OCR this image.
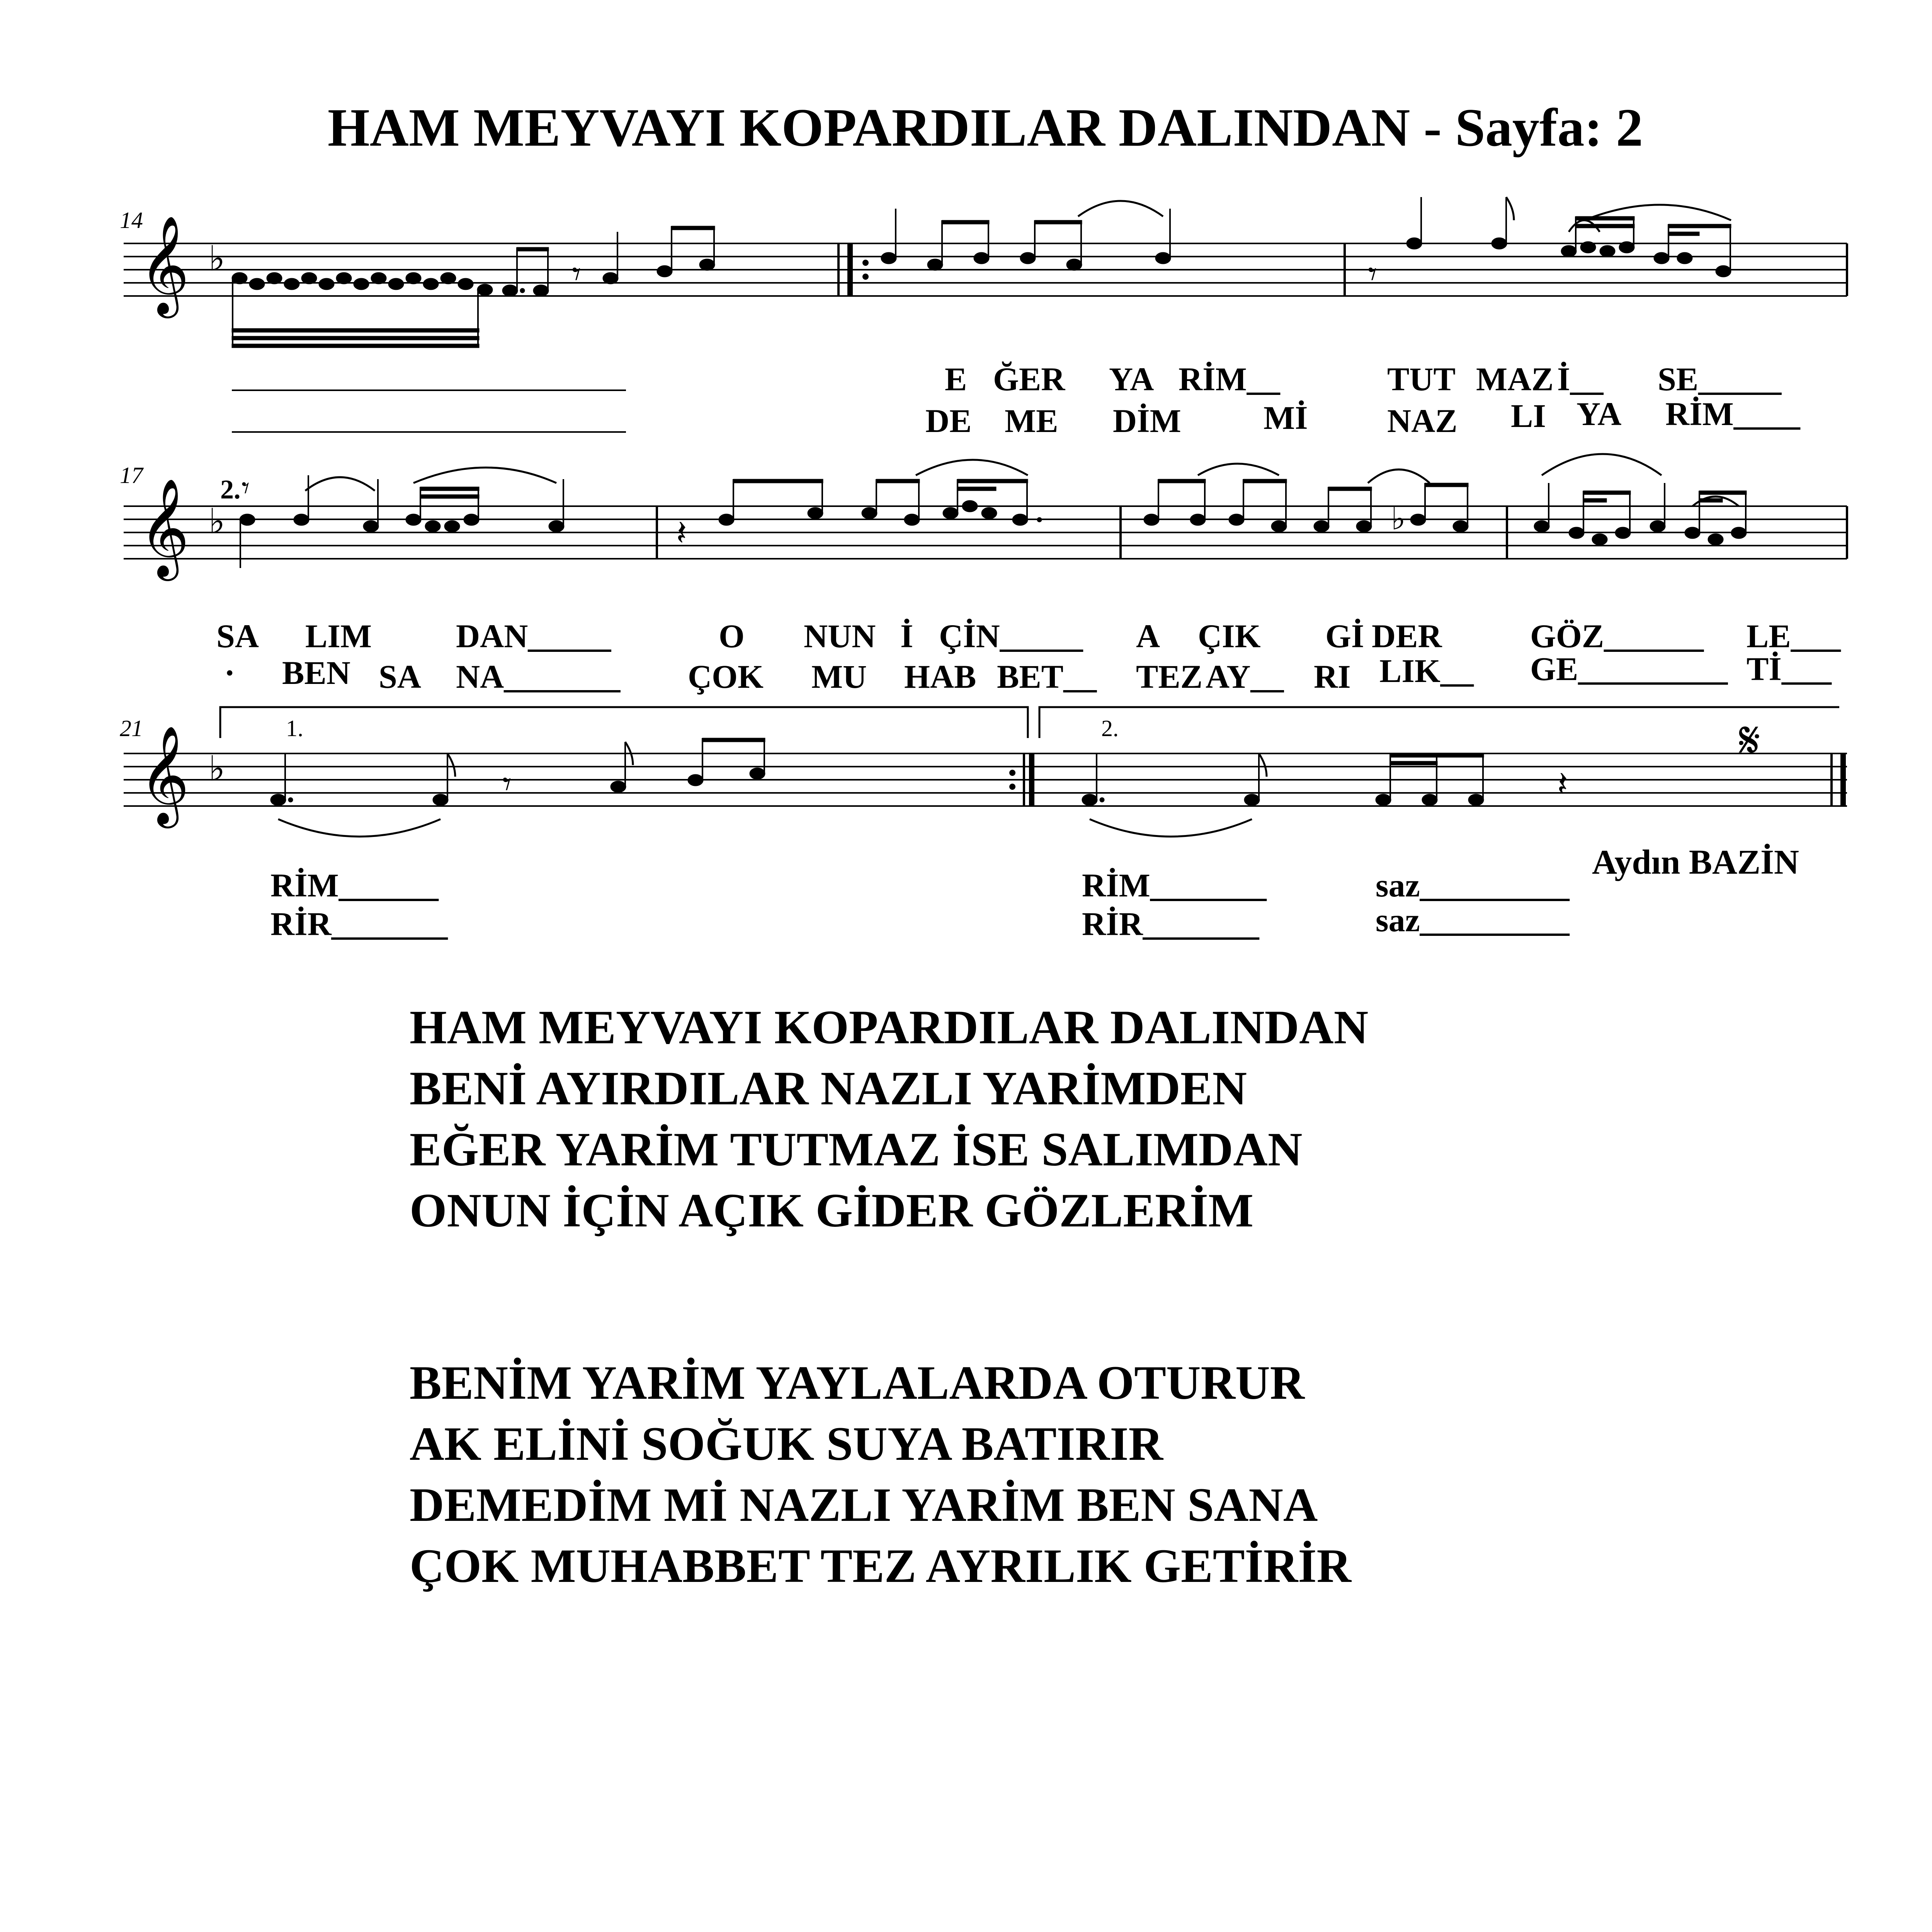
HAM MEYVAYI KOPARDILAR DALINDAN - Sayfa: 2
14
𝄞 ♭	𝄾	𝄾
E ĞER YA RİM__	TUT MAZ İ__ SE_____
DE ME DİM Mİ NAZ LI YA RİM____
17
𝄞 ♭
2. 𝄾
𝄽	♭
SA LIM	DAN_____	O NUN İ ÇİN_____ A ÇIK Gİ DER	GÖZ______ LE___
· BEN SA NA_______ ÇOK MU HAB BET__ TEZ AY__ RI LIK__ GE_________ Tİ___
21
𝄞 ♭
1.	2.	𝄋
𝄾	𝄽
RİM______	RİM_______	saz_________
RİR_______	RİR_______	saz_________
Aydın BAZİN
HAM MEYVAYI KOPARDILAR DALINDAN
BENİ AYIRDILAR NAZLI YARİMDEN
EĞER YARİM TUTMAZ İSE SALIMDAN
ONUN İÇİN AÇIK GİDER GÖZLERİM
BENİM YARİM YAYLALARDA OTURUR
AK ELİNİ SOĞUK SUYA BATIRIR
DEMEDİM Mİ NAZLI YARİM BEN SANA
ÇOK MUHABBET TEZ AYRILIK GETİRİR
